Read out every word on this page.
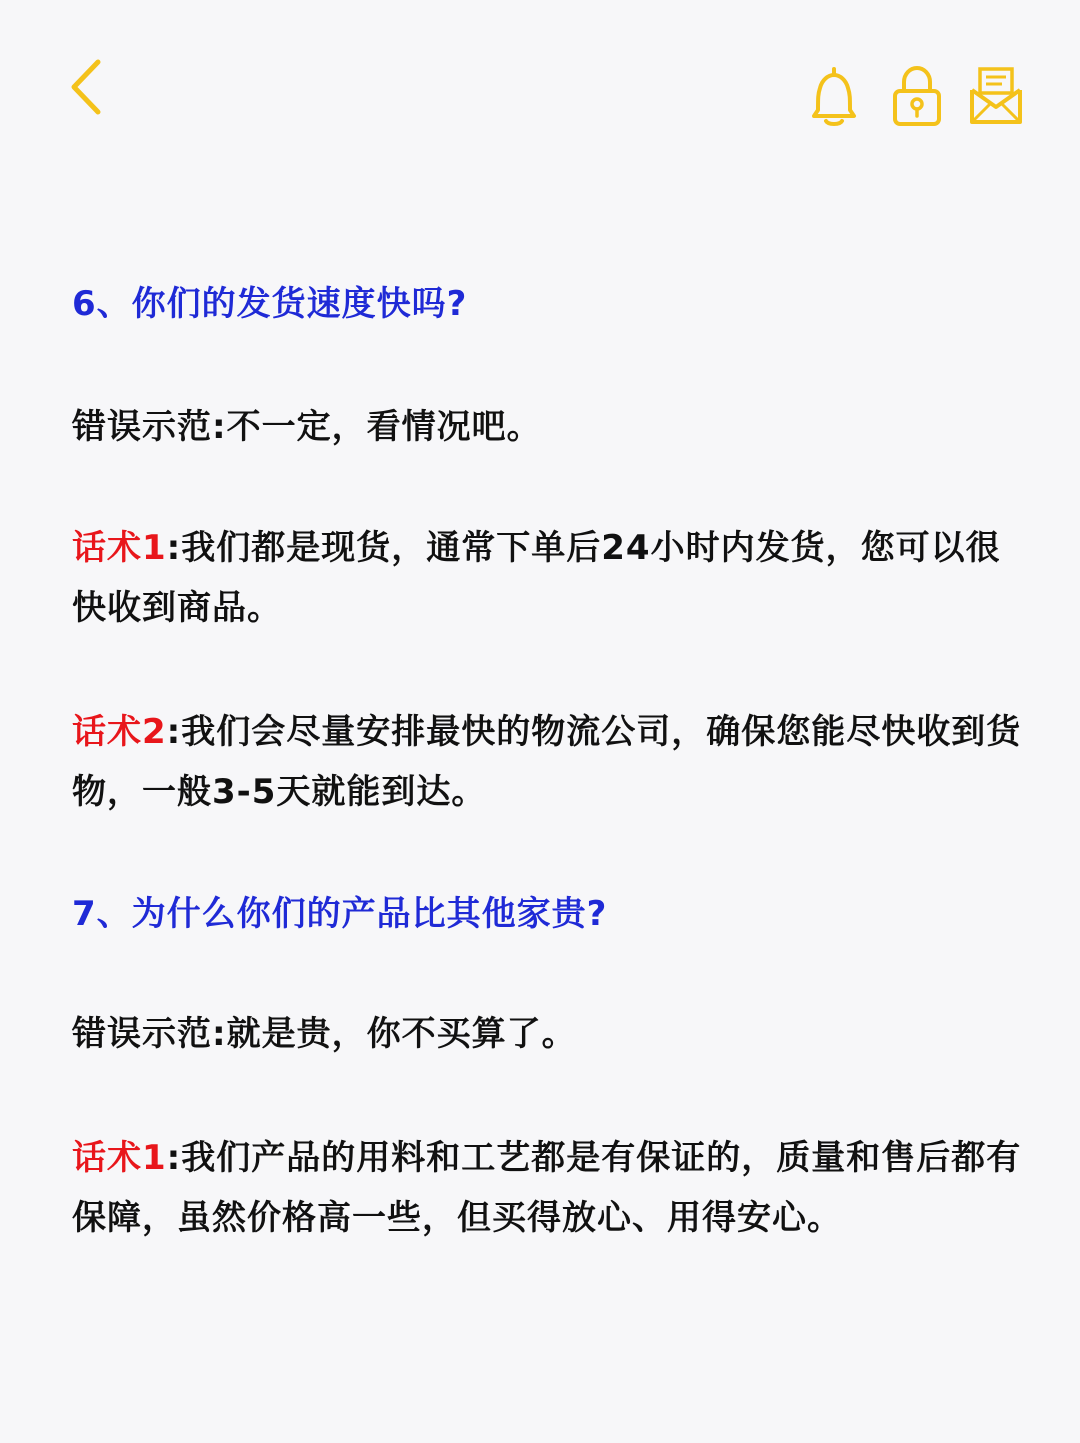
6、你们的发货速度快吗?
错误示范:不一定，看情况吧。
话术1:我们都是现货，通常下单后24小时内发货，您可以很快收到商品。
话术2:我们会尽量安排最快的物流公司，确保您能尽快收到货物，一般3-5天就能到达。
7、为什么你们的产品比其他家贵?
错误示范:就是贵，你不买算了。
话术1:我们产品的用料和工艺都是有保证的，质量和售后都有保障，虽然价格高一些，但买得放心、用得安心。
